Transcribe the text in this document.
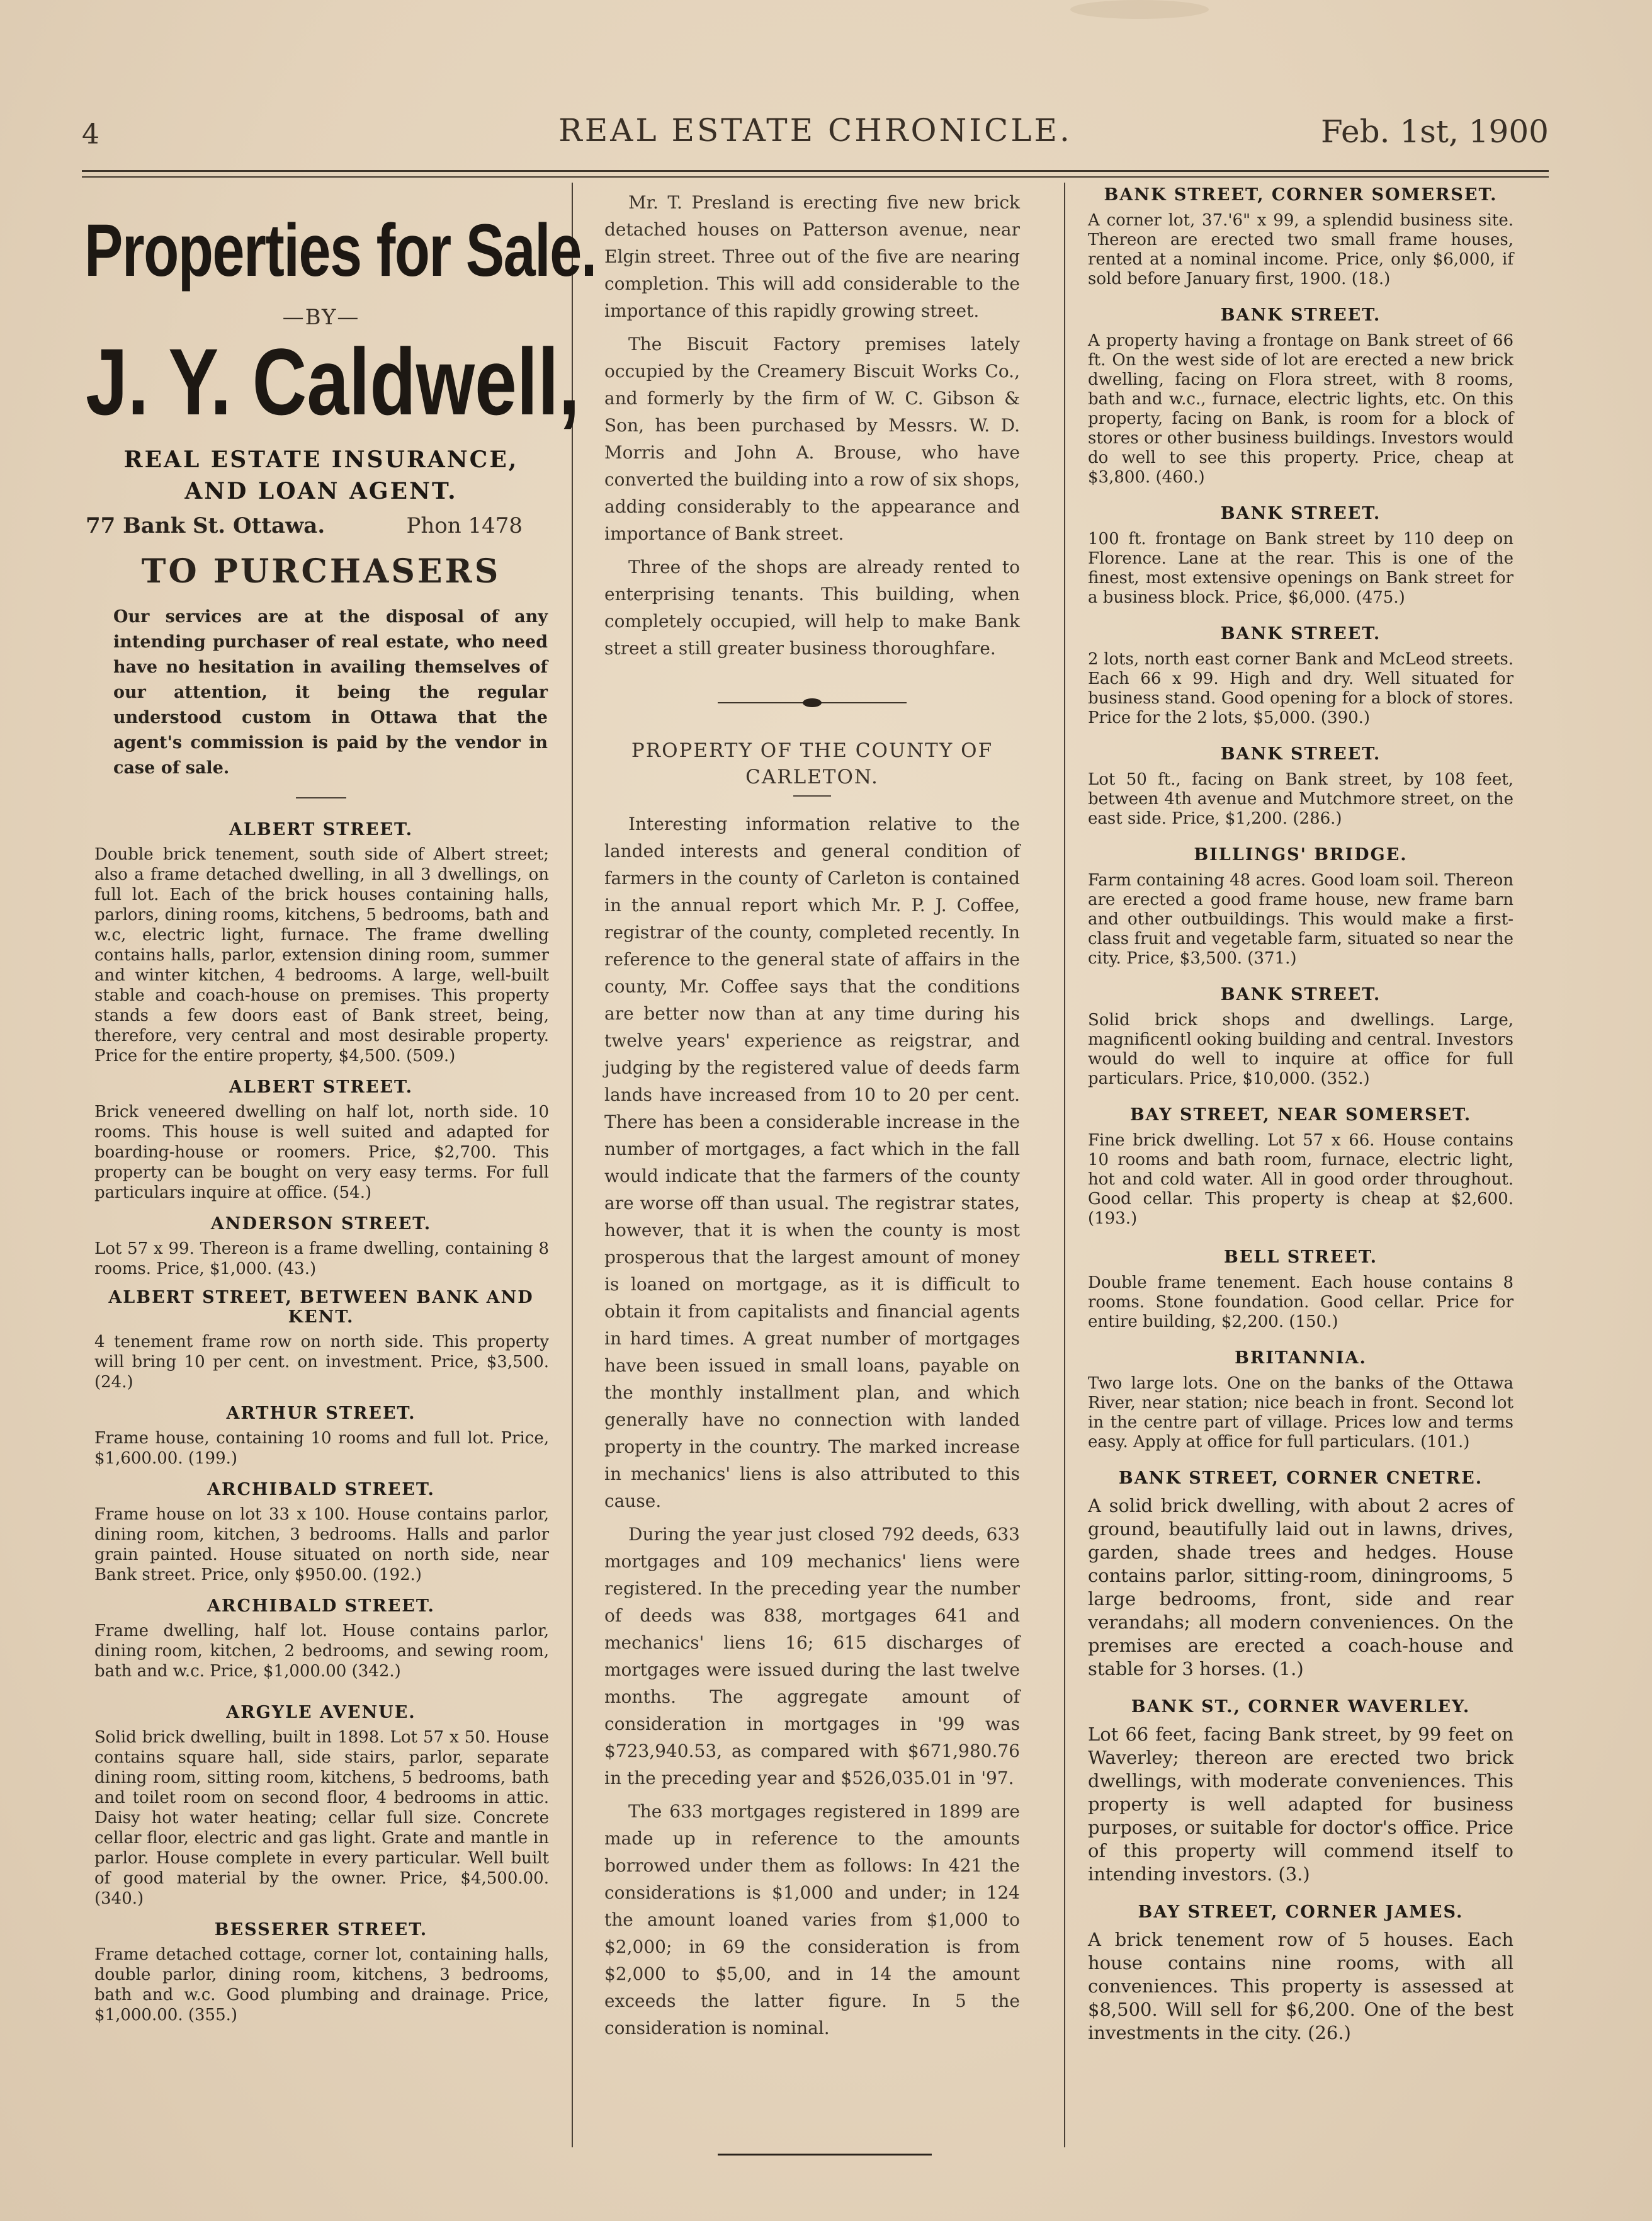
4	REAL ESTATE CHRONICLE.	Feb. 1st, 1900
Properties for Sale.
—BY—
J. Y. Caldwell,
REAL ESTATE INSURANCE,
AND LOAN AGENT.
77 Bank St. Ottawa.	Phon 1478
TO PURCHASERS
Our services are at the disposal of any intending purchaser of real estate, who need have no hesitation in availing themselves of our attention, it being the regular understood custom in Ottawa that the agent's commission is paid by the vendor in case of sale.
ALBERT STREET.
Double brick tenement, south side of Albert street; also a frame detached dwelling, in all 3 dwellings, on full lot. Each of the brick houses containing halls, parlors, dining rooms, kitchens, 5 bedrooms, bath and w.c, electric light, furnace. The frame dwelling contains halls, parlor, extension dining room, summer and winter kitchen, 4 bedrooms. A large, well-built stable and coach-house on premises. This property stands a few doors east of Bank street, being, therefore, very central and most desirable property. Price for the entire property, $4,500. (509.)
ALBERT STREET.
Brick veneered dwelling on half lot, north side. 10 rooms. This house is well suited and adapted for boarding-house or roomers. Price, $2,700. This property can be bought on very easy terms. For full particulars inquire at office. (54.)
ANDERSON STREET.
Lot 57 x 99. Thereon is a frame dwelling, containing 8 rooms. Price, $1,000. (43.)
ALBERT STREET, BETWEEN BANK AND KENT.
4 tenement frame row on north side. This property will bring 10 per cent. on investment. Price, $3,500. (24.)
ARTHUR STREET.
Frame house, containing 10 rooms and full lot. Price, $1,600.00. (199.)
ARCHIBALD STREET.
Frame house on lot 33 x 100. House contains parlor, dining room, kitchen, 3 bedrooms. Halls and parlor grain painted. House situated on north side, near Bank street. Price, only $950.00. (192.)
ARCHIBALD STREET.
Frame dwelling, half lot. House contains parlor, dining room, kitchen, 2 bedrooms, and sewing room, bath and w.c. Price, $1,000.00 (342.)
ARGYLE AVENUE.
Solid brick dwelling, built in 1898. Lot 57 x 50. House contains square hall, side stairs, parlor, separate dining room, sitting room, kitchens, 5 bedrooms, bath and toilet room on second floor, 4 bedrooms in attic. Daisy hot water heating; cellar full size. Concrete cellar floor, electric and gas light. Grate and mantle in parlor. House complete in every particular. Well built of good material by the owner. Price, $4,500.00. (340.)
BESSERER STREET.
Frame detached cottage, corner lot, containing halls, double parlor, dining room, kitchens, 3 bedrooms, bath and w.c. Good plumbing and drainage. Price, $1,000.00. (355.)

Mr. T. Presland is erecting five new brick detached houses on Patterson avenue, near Elgin street. Three out of the five are nearing completion. This will add considerable to the importance of this rapidly growing street.

The Biscuit Factory premises lately occupied by the Creamery Biscuit Works Co., and formerly by the firm of W. C. Gibson & Son, has been purchased by Messrs. W. D. Morris and John A. Brouse, who have converted the building into a row of six shops, adding considerably to the appearance and importance of Bank street.

Three of the shops are already rented to enterprising tenants. This building, when completely occupied, will help to make Bank street a still greater business thoroughfare.

PROPERTY OF THE COUNTY OF CARLETON.

Interesting information relative to the landed interests and general condition of farmers in the county of Carleton is contained in the annual report which Mr. P. J. Coffee, registrar of the county, completed recently. In reference to the general state of affairs in the county, Mr. Coffee says that the conditions are better now than at any time during his twelve years' experience as reigstrar, and judging by the registered value of deeds farm lands have increased from 10 to 20 per cent. There has been a considerable increase in the number of mortgages, a fact which in the fall would indicate that the farmers of the county are worse off than usual. The registrar states, however, that it is when the county is most prosperous that the largest amount of money is loaned on mortgage, as it is difficult to obtain it from capitalists and financial agents in hard times. A great number of mortgages have been issued in small loans, payable on the monthly installment plan, and which generally have no connection with landed property in the country. The marked increase in mechanics' liens is also attributed to this cause.

During the year just closed 792 deeds, 633 mortgages and 109 mechanics' liens were registered. In the preceding year the number of deeds was 838, mortgages 641 and mechanics' liens 16; 615 discharges of mortgages were issued during the last twelve months. The aggregate amount of consideration in mortgages in '99 was $723,940.53, as compared with $671,980.76 in the preceding year and $526,035.01 in '97.

The 633 mortgages registered in 1899 are made up in reference to the amounts borrowed under them as follows: In 421 the considerations is $1,000 and under; in 124 the amount loaned varies from $1,000 to $2,000; in 69 the consideration is from $2,000 to $5,00, and in 14 the amount exceeds the latter figure. In 5 the consideration is nominal.

BANK STREET, CORNER SOMERSET.
A corner lot, 37.'6" x 99, a splendid business site. Thereon are erected two small frame houses, rented at a nominal income. Price, only $6,000, if sold before January first, 1900. (18.)
BANK STREET.
A property having a frontage on Bank street of 66 ft. On the west side of lot are erected a new brick dwelling, facing on Flora street, with 8 rooms, bath and w.c., furnace, electric lights, etc. On this property, facing on Bank, is room for a block of stores or other business buildings. Investors would do well to see this property. Price, cheap at $3,800. (460.)
BANK STREET.
100 ft. frontage on Bank street by 110 deep on Florence. Lane at the rear. This is one of the finest, most extensive openings on Bank street for a business block. Price, $6,000. (475.)
BANK STREET.
2 lots, north east corner Bank and McLeod streets. Each 66 x 99. High and dry. Well situated for business stand. Good opening for a block of stores. Price for the 2 lots, $5,000. (390.)
BANK STREET.
Lot 50 ft., facing on Bank street, by 108 feet, between 4th avenue and Mutchmore street, on the east side. Price, $1,200. (286.)
BILLINGS' BRIDGE.
Farm containing 48 acres. Good loam soil. Thereon are erected a good frame house, new frame barn and other outbuildings. This would make a first-class fruit and vegetable farm, situated so near the city. Price, $3,500. (371.)
BANK STREET.
Solid brick shops and dwellings. Large, magnificentl ooking building and central. Investors would do well to inquire at office for full particulars. Price, $10,000. (352.)
BAY STREET, NEAR SOMERSET.
Fine brick dwelling. Lot 57 x 66. House contains 10 rooms and bath room, furnace, electric light, hot and cold water. All in good order throughout. Good cellar. This property is cheap at $2,600. (193.)
BELL STREET.
Double frame tenement. Each house contains 8 rooms. Stone foundation. Good cellar. Price for entire building, $2,200. (150.)
BRITANNIA.
Two large lots. One on the banks of the Ottawa River, near station; nice beach in front. Second lot in the centre part of village. Prices low and terms easy. Apply at office for full particulars. (101.)
BANK STREET, CORNER CNETRE.
A solid brick dwelling, with about 2 acres of ground, beautifully laid out in lawns, drives, garden, shade trees and hedges. House contains parlor, sitting-room, diningrooms, 5 large bedrooms, front, side and rear verandahs; all modern conveniences. On the premises are erected a coach-house and stable for 3 horses. (1.)
BANK ST., CORNER WAVERLEY.
Lot 66 feet, facing Bank street, by 99 feet on Waverley; thereon are erected two brick dwellings, with moderate conveniences. This property is well adapted for business purposes, or suitable for doctor's office. Price of this property will commend itself to intending investors. (3.)
BAY STREET, CORNER JAMES.
A brick tenement row of 5 houses. Each house contains nine rooms, with all conveniences. This property is assessed at $8,500. Will sell for $6,200. One of the best investments in the city. (26.)
